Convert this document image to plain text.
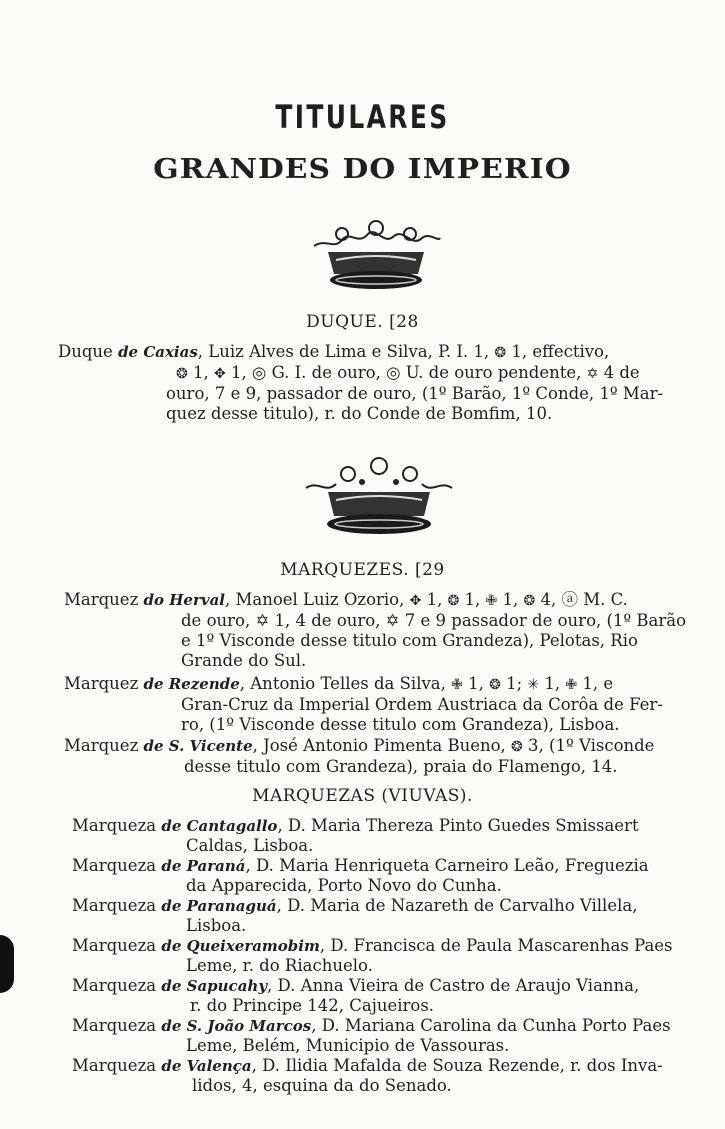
TITULARES
GRANDES DO IMPERIO
DUQUE. [28
Duque de Caxias, Luiz Alves de Lima e Silva, P. I. 1, ❂ 1, effectivo,
❂ 1, ✥ 1, ◎ G. I. de ouro, ◎ U. de ouro pendente, ✡ 4 de
ouro, 7 e 9, passador de ouro, (1º Barão, 1º Conde, 1º Mar-
quez desse titulo), r. do Conde de Bomfim, 10.
MARQUEZES. [29
Marquez do Herval, Manoel Luiz Ozorio, ✥ 1, ❂ 1, ✙ 1, ❂ 4, ⓐ M. C.
de ouro, ✡ 1, 4 de ouro, ✡ 7 e 9 passador de ouro, (1º Barão
e 1º Visconde desse titulo com Grandeza), Pelotas, Rio
Grande do Sul.
Marquez de Rezende, Antonio Telles da Silva, ✙ 1, ❂ 1; ✳ 1, ✙ 1, e
Gran-Cruz da Imperial Ordem Austriaca da Corôa de Fer-
ro, (1º Visconde desse titulo com Grandeza), Lisboa.
Marquez de S. Vicente, José Antonio Pimenta Bueno, ❂ 3, (1º Visconde
desse titulo com Grandeza), praia do Flamengo, 14.
MARQUEZAS (VIUVAS).
Marqueza de Cantagallo, D. Maria Thereza Pinto Guedes Smissaert
Caldas, Lisboa.
Marqueza de Paraná, D. Maria Henriqueta Carneiro Leão, Freguezia
da Apparecida, Porto Novo do Cunha.
Marqueza de Paranaguá, D. Maria de Nazareth de Carvalho Villela,
Lisboa.
Marqueza de Queixeramobim, D. Francisca de Paula Mascarenhas Paes
Leme, r. do Riachuelo.
Marqueza de Sapucahy, D. Anna Vieira de Castro de Araujo Vianna,
r. do Principe 142, Cajueiros.
Marqueza de S. João Marcos, D. Mariana Carolina da Cunha Porto Paes
Leme, Belém, Municipio de Vassouras.
Marqueza de Valença, D. Ilidia Mafalda de Souza Rezende, r. dos Inva-
lidos, 4, esquina da do Senado.
